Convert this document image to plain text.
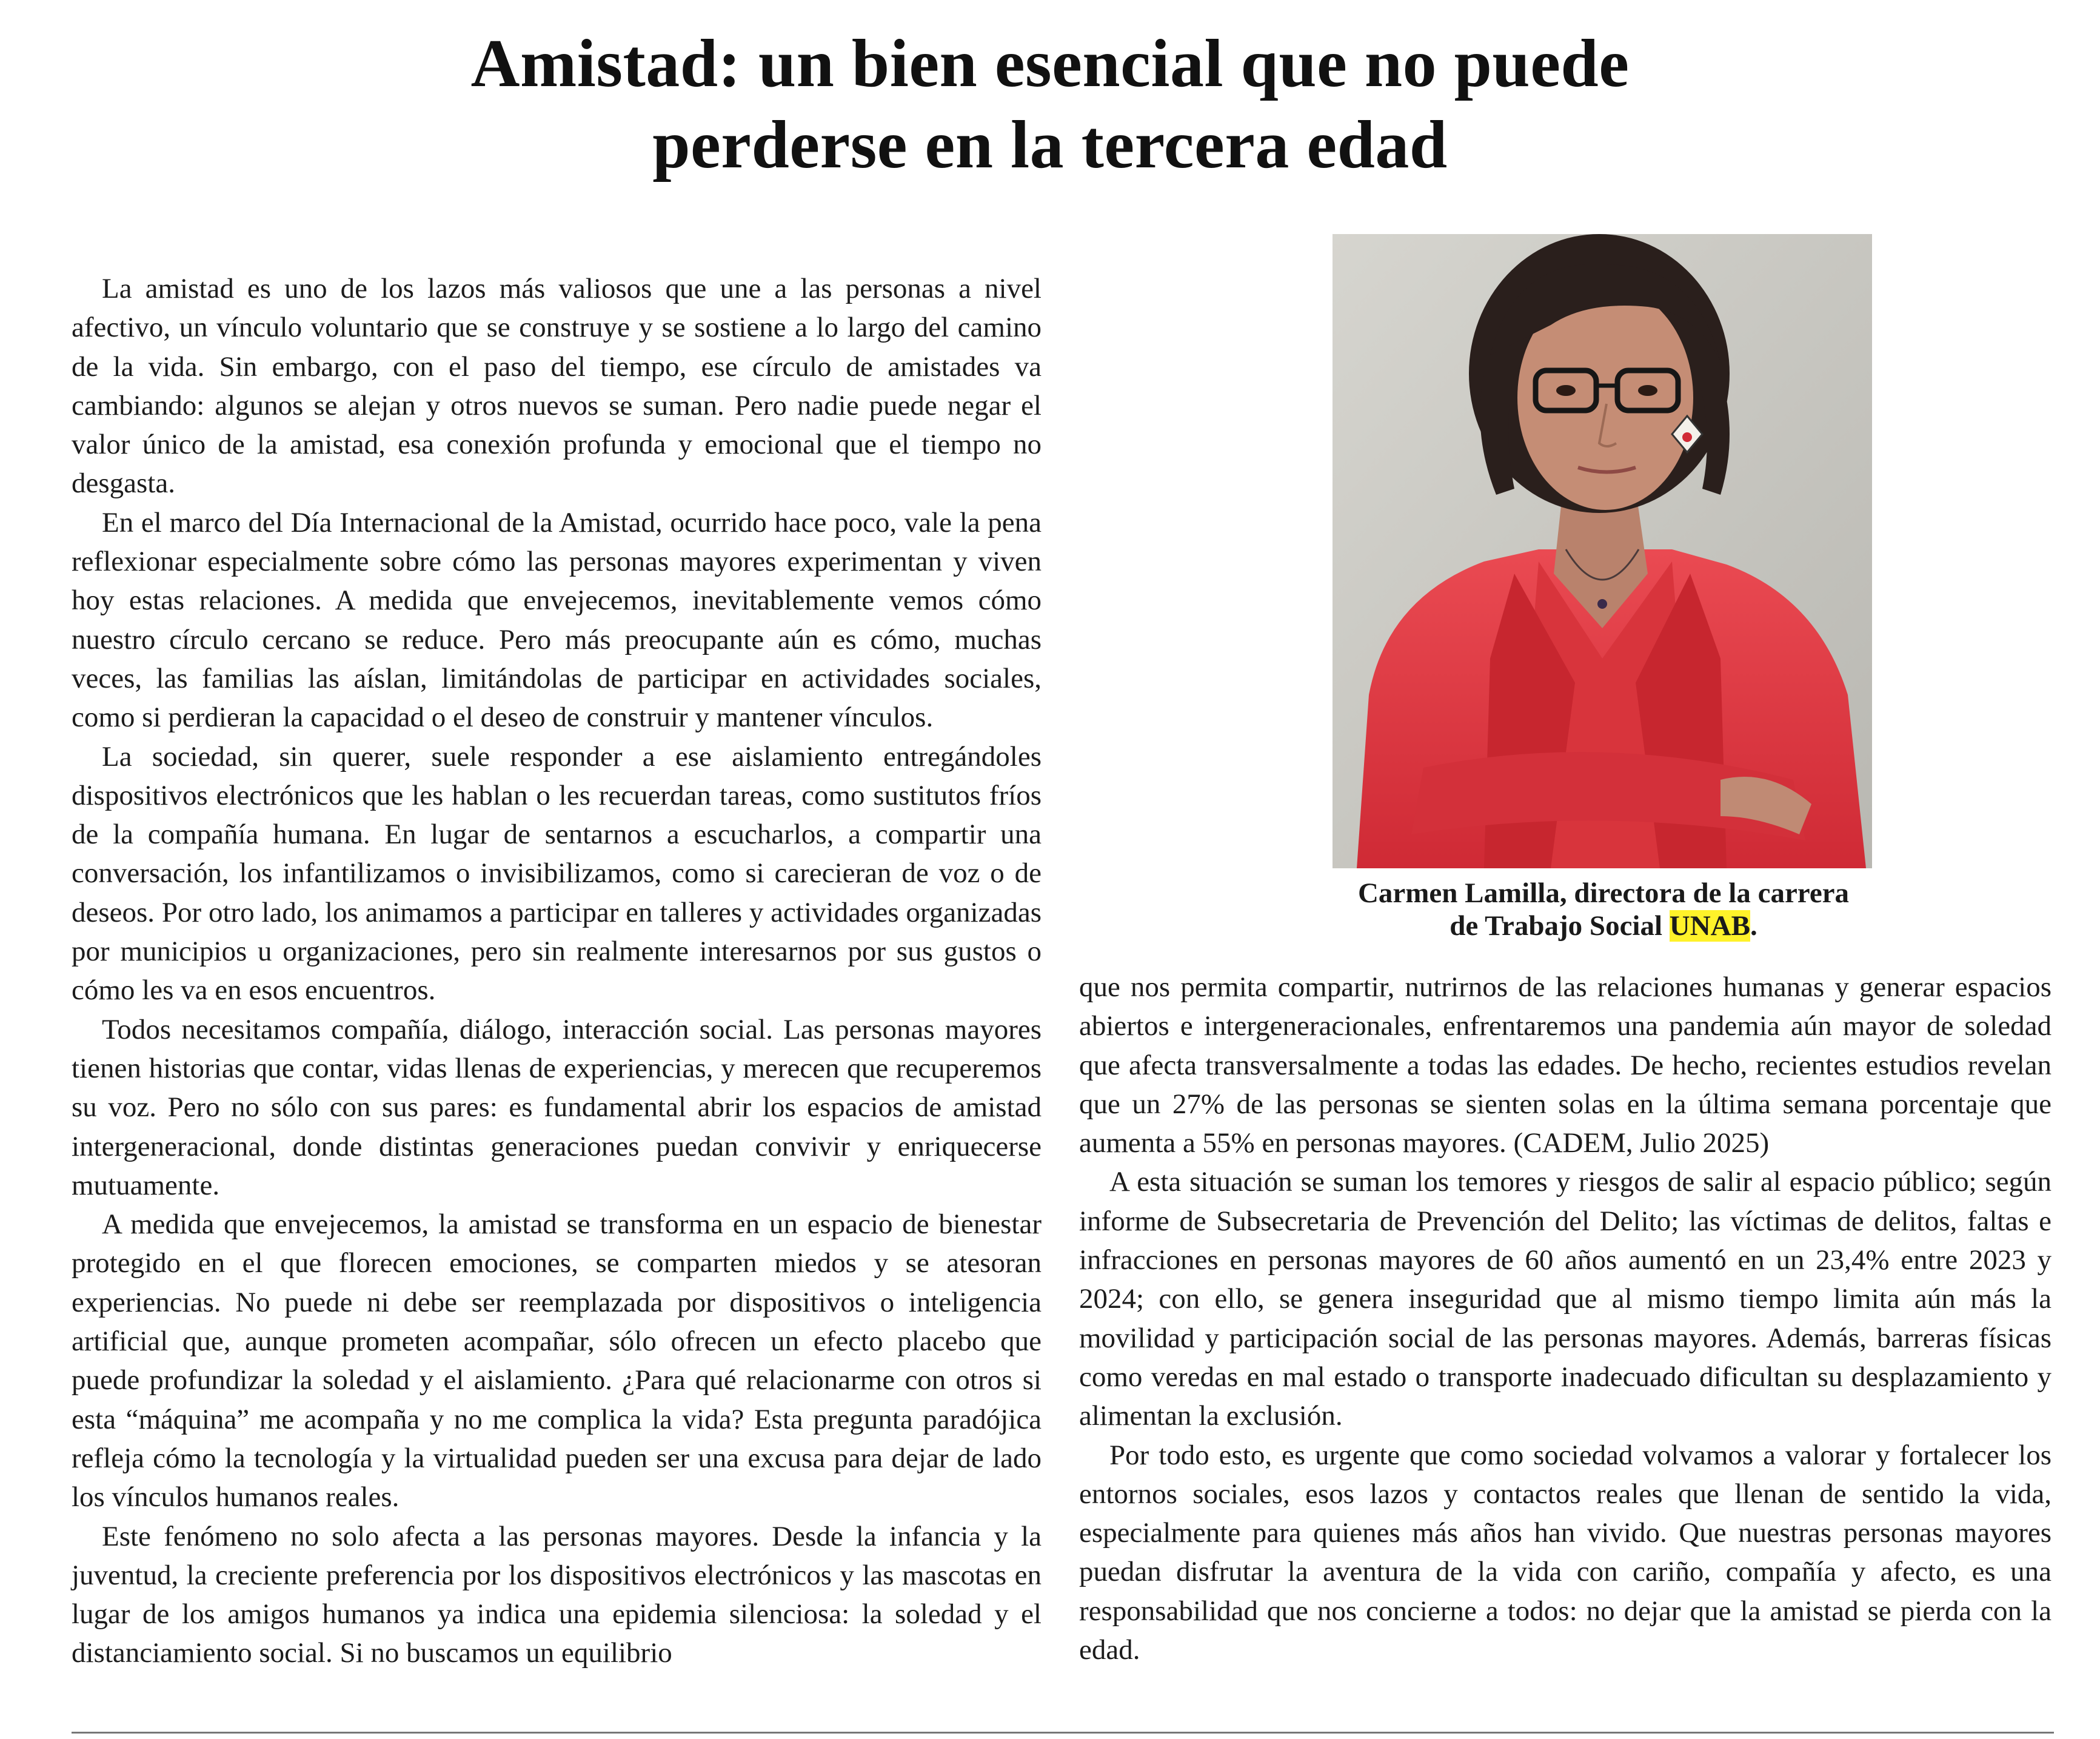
Amistad: un bien esencial que no puede
perderse en la tercera edad

La amistad es uno de los lazos más valiosos que une a las personas a nivel afectivo, un vínculo voluntario que se construye y se sostiene a lo largo del camino de la vida. Sin embargo, con el paso del tiempo, ese círculo de amistades va cambiando: algunos se alejan y otros nuevos se suman. Pero nadie puede negar el valor único de la amistad, esa conexión profunda y emocional que el tiempo no desgasta.

En el marco del Día Internacional de la Amistad, ocurrido hace poco, vale la pena reflexionar especialmente sobre cómo las personas mayores experimentan y viven hoy estas relaciones. A medida que envejecemos, inevitablemente vemos cómo nuestro círculo cercano se reduce. Pero más preocupante aún es cómo, muchas veces, las familias las aíslan, limitándolas de participar en actividades sociales, como si perdieran la capacidad o el deseo de construir y mantener vínculos.

La sociedad, sin querer, suele responder a ese aislamiento entregándoles dispositivos electrónicos que les hablan o les recuerdan tareas, como sustitutos fríos de la compañía humana. En lugar de sentarnos a escucharlos, a compartir una conversación, los infantilizamos o invisibilizamos, como si carecieran de voz o de deseos. Por otro lado, los animamos a participar en talleres y actividades organizadas por municipios u organizaciones, pero sin realmente interesarnos por sus gustos o cómo les va en esos encuentros.

Todos necesitamos compañía, diálogo, interacción social. Las personas mayores tienen historias que contar, vidas llenas de experiencias, y merecen que recuperemos su voz. Pero no sólo con sus pares: es fundamental abrir los espacios de amistad intergeneracional, donde distintas generaciones puedan convivir y enriquecerse mutuamente.

A medida que envejecemos, la amistad se transforma en un espacio de bienestar protegido en el que florecen emociones, se comparten miedos y se atesoran experiencias. No puede ni debe ser reemplazada por dispositivos o inteligencia artificial que, aunque prometen acompañar, sólo ofrecen un efecto placebo que puede profundizar la soledad y el aislamiento. ¿Para qué relacionarme con otros si esta “máquina” me acompaña y no me complica la vida? Esta pregunta paradójica refleja cómo la tecnología y la virtualidad pueden ser una excusa para dejar de lado los vínculos humanos reales.

Este fenómeno no solo afecta a las personas mayores. Desde la infancia y la juventud, la creciente preferencia por los dispositivos electrónicos y las mascotas en lugar de los amigos humanos ya indica una epidemia silenciosa: la soledad y el distanciamiento social. Si no buscamos un equilibrio

Carmen Lamilla, directora de la carrera
de Trabajo Social UNAB.

que nos permita compartir, nutrirnos de las relaciones humanas y generar espacios abiertos e intergeneracionales, enfrentaremos una pandemia aún mayor de soledad que afecta transversalmente a todas las edades. De hecho, recientes estudios revelan que un 27% de las personas se sienten solas en la última semana porcentaje que aumenta a 55% en personas mayores. (CADEM, Julio 2025)

A esta situación se suman los temores y riesgos de salir al espacio público; según informe de Subsecretaria de Prevención del Delito; las víctimas de delitos, faltas e infracciones en personas mayores de 60 años aumentó en un 23,4% entre 2023 y 2024; con ello, se genera inseguridad que al mismo tiempo limita aún más la movilidad y participación social de las personas mayores. Además, barreras físicas como veredas en mal estado o transporte inadecuado dificultan su desplazamiento y alimentan la exclusión.

Por todo esto, es urgente que como sociedad volvamos a valorar y fortalecer los entornos sociales, esos lazos y contactos reales que llenan de sentido la vida, especialmente para quienes más años han vivido. Que nuestras personas mayores puedan disfrutar la aventura de la vida con cariño, compañía y afecto, es una responsabilidad que nos concierne a todos: no dejar que la amistad se pierda con la edad.
